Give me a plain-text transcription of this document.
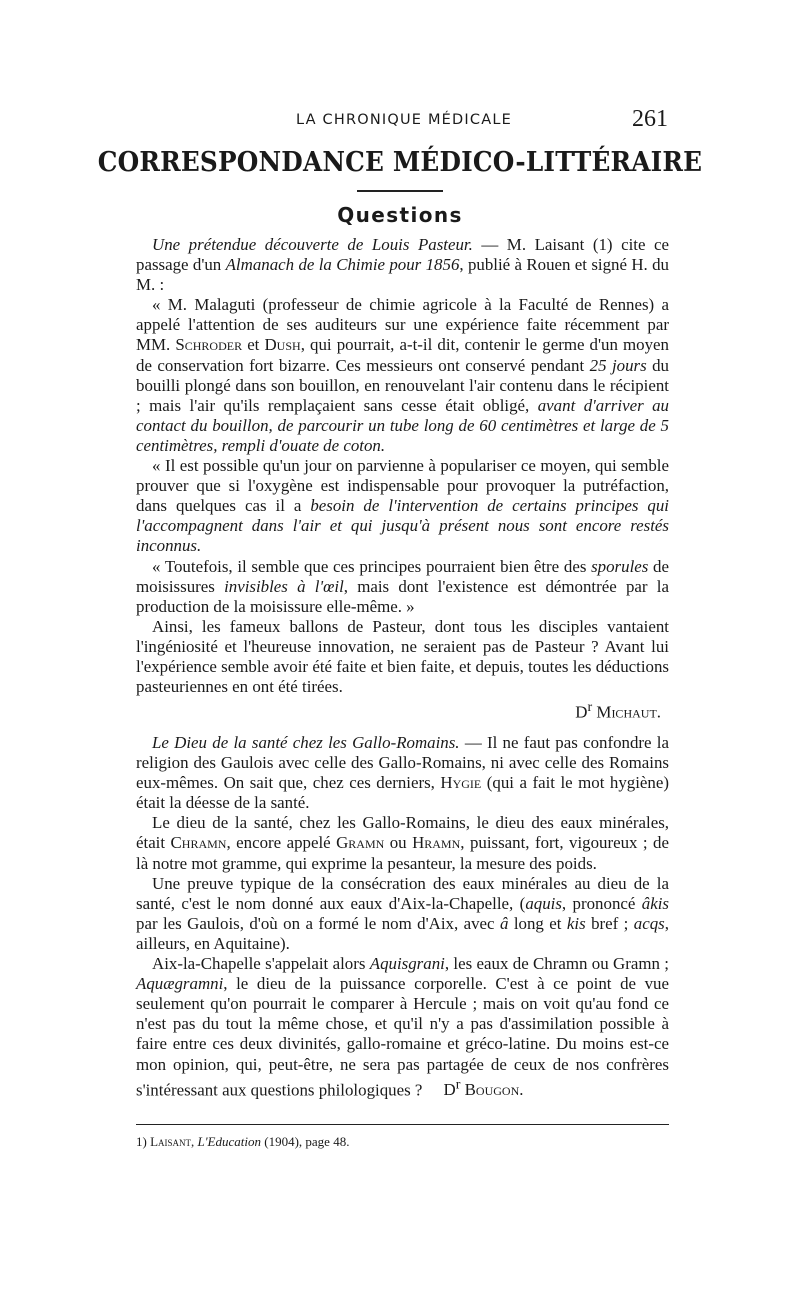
LA CHRONIQUE MÉDICALE	261
CORRESPONDANCE MÉDICO-LITTÉRAIRE
Questions

Une prétendue découverte de Louis Pasteur. — M. Laisant (1) cite ce passage d'un Almanach de la Chimie pour 1856, publié à Rouen et signé H. du M. :

« M. Malaguti (professeur de chimie agricole à la Faculté de Rennes) a appelé l'attention de ses auditeurs sur une expérience faite récemment par MM. Schroder et Dush, qui pourrait, a-t-il dit, contenir le germe d'un moyen de conservation fort bizarre. Ces messieurs ont conservé pendant 25 jours du bouilli plongé dans son bouillon, en renouvelant l'air contenu dans le récipient ; mais l'air qu'ils remplaçaient sans cesse était obligé, avant d'arriver au contact du bouillon, de parcourir un tube long de 60 centimètres et large de 5 centimètres, rempli d'ouate de coton.

« Il est possible qu'un jour on parvienne à populariser ce moyen, qui semble prouver que si l'oxygène est indispensable pour provoquer la putréfaction, dans quelques cas il a besoin de l'intervention de certains principes qui l'accompagnent dans l'air et qui jusqu'à présent nous sont encore restés inconnus.

« Toutefois, il semble que ces principes pourraient bien être des sporules de moisissures invisibles à l'œil, mais dont l'existence est démontrée par la production de la moisissure elle-même. »

Ainsi, les fameux ballons de Pasteur, dont tous les disciples vantaient l'ingéniosité et l'heureuse innovation, ne seraient pas de Pasteur ? Avant lui l'expérience semble avoir été faite et bien faite, et depuis, toutes les déductions pasteuriennes en ont été tirées.

$D^r$ Michaut.

Le Dieu de la santé chez les Gallo-Romains. — Il ne faut pas confondre la religion des Gaulois avec celle des Gallo-Romains, ni avec celle des Romains eux-mêmes. On sait que, chez ces derniers, Hygie (qui a fait le mot hygiène) était la déesse de la santé.

Le dieu de la santé, chez les Gallo-Romains, le dieu des eaux minérales, était Chramn, encore appelé Gramn ou Hramn, puissant, fort, vigoureux ; de là notre mot gramme, qui exprime la pesanteur, la mesure des poids.

Une preuve typique de la consécration des eaux minérales au dieu de la santé, c'est le nom donné aux eaux d'Aix-la-Chapelle, (aquis, prononcé âkis par les Gaulois, d'où on a formé le nom d'Aix, avec â long et kis bref ; acqs, ailleurs, en Aquitaine).

Aix-la-Chapelle s'appelait alors Aquisgrani, les eaux de Chramn ou Gramn ; Aquægramni, le dieu de la puissance corporelle. C'est à ce point de vue seulement qu'on pourrait le comparer à Hercule ; mais on voit qu'au fond ce n'est pas du tout la même chose, et qu'il n'y a pas d'assimilation possible à faire entre ces deux divinités, gallo-romaine et gréco-latine. Du moins est-ce mon opinion, qui, peut-être, ne sera pas partagée de ceux de nos confrères s'intéressant aux questions philologiques ? $D^r$ Bougon.

1) Laisant, L'Education (1904), page 48.
